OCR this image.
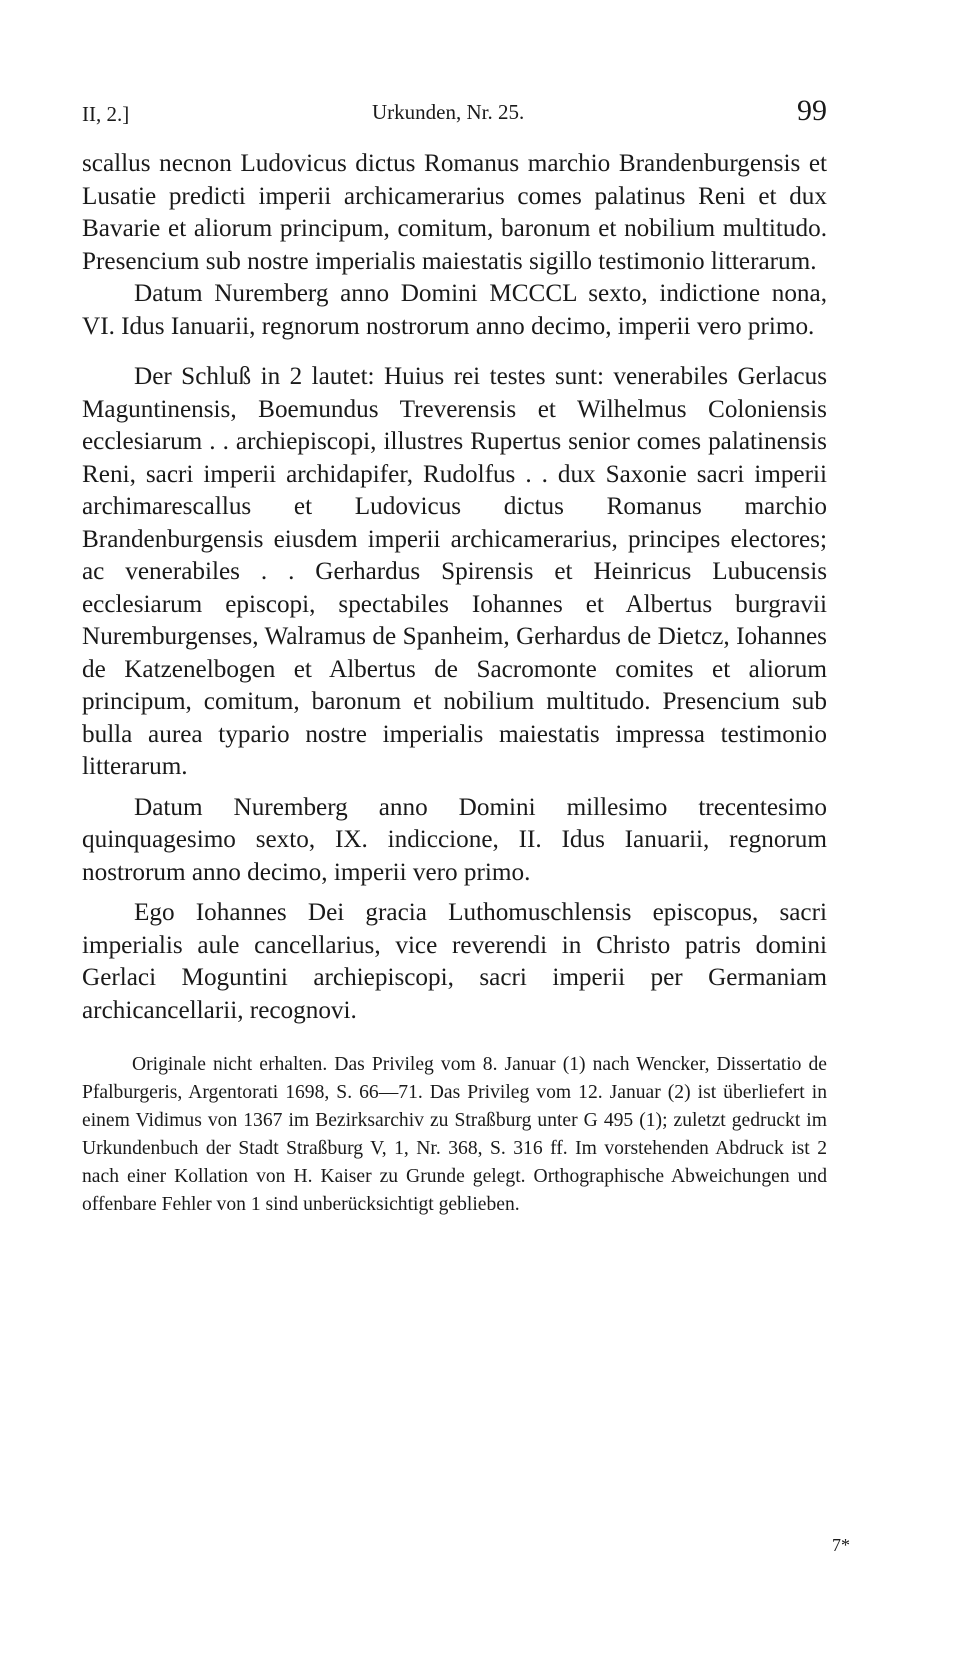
II, 2.]	Urkunden, Nr. 25.	99

scallus necnon Ludovicus dictus Romanus marchio Brandenburgensis et Lusatie predicti imperii archicamerarius comes palatinus Reni et dux Bavarie et aliorum principum, comitum, baronum et nobilium multitudo. Presencium sub nostre imperialis maiestatis sigillo testimonio litterarum.

Datum Nuremberg anno Domini MCCCL sexto, indictione nona, VI. Idus Ianuarii, regnorum nostrorum anno decimo, imperii vero primo.

Der Schluß in 2 lautet: Huius rei testes sunt: venerabiles Gerlacus Maguntinensis, Boemundus Treverensis et Wilhelmus Coloniensis ecclesiarum . . archiepiscopi, illustres Rupertus senior comes palatinensis Reni, sacri imperii archidapifer, Rudolfus . . dux Saxonie sacri imperii archimarescallus et Ludovicus dictus Romanus marchio Brandenburgensis eiusdem imperii archicamerarius, principes electores; ac venerabiles . . Gerhardus Spirensis et Heinricus Lubucensis ecclesiarum episcopi, spectabiles Iohannes et Albertus burgravii Nuremburgenses, Walramus de Spanheim, Gerhardus de Dietcz, Iohannes de Katzenelbogen et Albertus de Sacromonte comites et aliorum principum, comitum, baronum et nobilium multitudo. Presencium sub bulla aurea typario nostre imperialis maiestatis impressa testimonio litterarum.

Datum Nuremberg anno Domini millesimo trecentesimo quinquagesimo sexto, IX. indiccione, II. Idus Ianuarii, regnorum nostrorum anno decimo, imperii vero primo.

Ego Iohannes Dei gracia Luthomuschlensis episcopus, sacri imperialis aule cancellarius, vice reverendi in Christo patris domini Gerlaci Moguntini archiepiscopi, sacri imperii per Germaniam archicancellarii, recognovi.

Originale nicht erhalten. Das Privileg vom 8. Januar (1) nach Wencker, Dissertatio de Pfalburgeris, Argentorati 1698, S. 66—71. Das Privileg vom 12. Januar (2) ist überliefert in einem Vidimus von 1367 im Bezirksarchiv zu Straßburg unter G 495 (1); zuletzt gedruckt im Urkundenbuch der Stadt Straßburg V, 1, Nr. 368, S. 316 ff. Im vorstehenden Abdruck ist 2 nach einer Kollation von H. Kaiser zu Grunde gelegt. Orthographische Abweichungen und offenbare Fehler von 1 sind unberücksichtigt geblieben.

7*
